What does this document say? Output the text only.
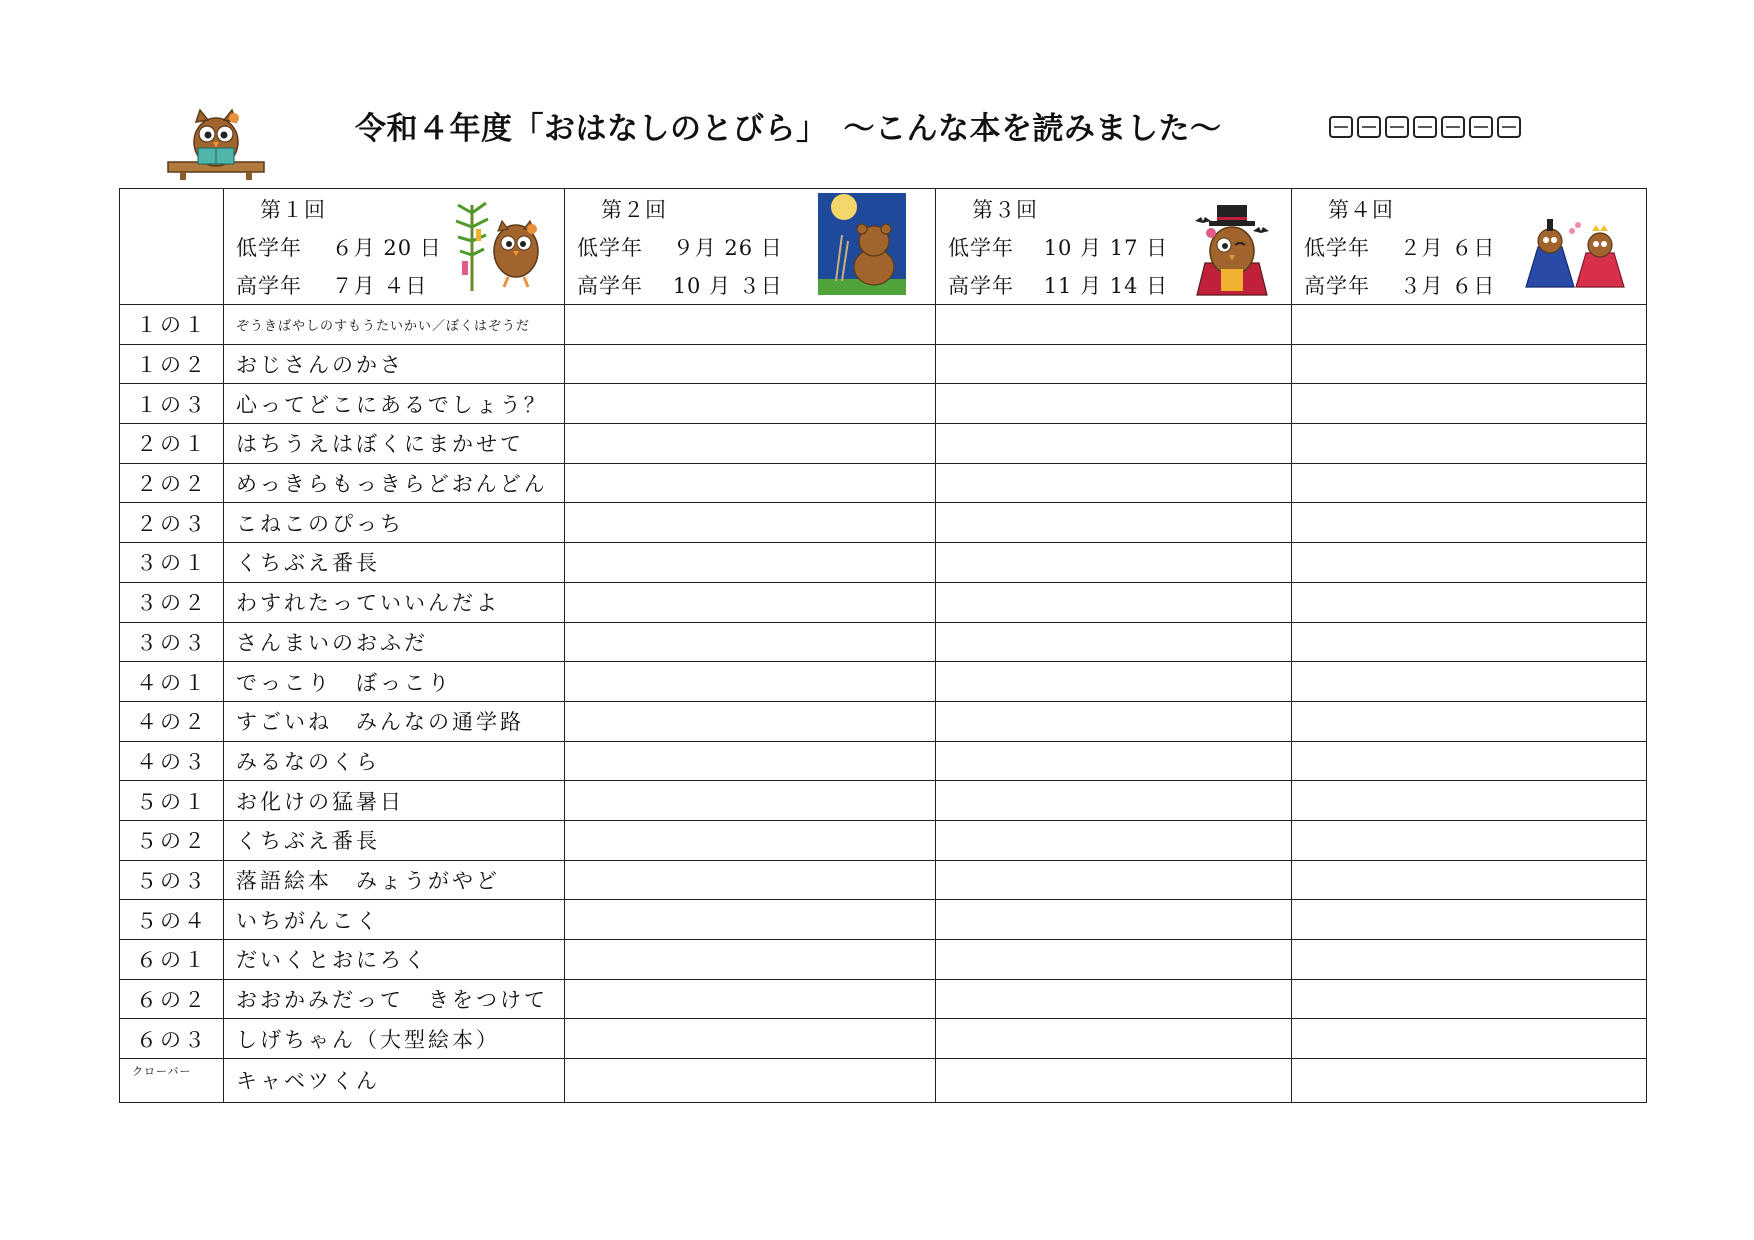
令和４年度「おはなしのとびら」　～こんな本を読みました～

	第１回
低学年　 ６月 20 日
高学年　 ７月 ４日	第２回
低学年　 ９月 26 日
高学年　 10 月 ３日	第３回
低学年　 10 月 17 日
高学年　 11 月 14 日	第４回
低学年　 ２月 ６日
高学年　 ３月 ６日

１の１	ぞうきばやしのすもうたいかい／ぼくはぞうだ			
１の２	おじさんのかさ			
１の３	心ってどこにあるでしょう？			
２の１	はちうえはぼくにまかせて			
２の２	めっきらもっきらどおんどん			
２の３	こねこのぴっち			
３の１	くちぶえ番長			
３の２	わすれたっていいんだよ			
３の３	さんまいのおふだ			
４の１	でっこり　ぼっこり			
４の２	すごいね　みんなの通学路			
４の３	みるなのくら			
５の１	お化けの猛暑日			
５の２	くちぶえ番長			
５の３	落語絵本　みょうがやど			
５の４	いちがんこく			
６の１	だいくとおにろく			
６の２	おおかみだって　きをつけて			
６の３	しげちゃん（大型絵本）			
クローバー	キャベツくん			
